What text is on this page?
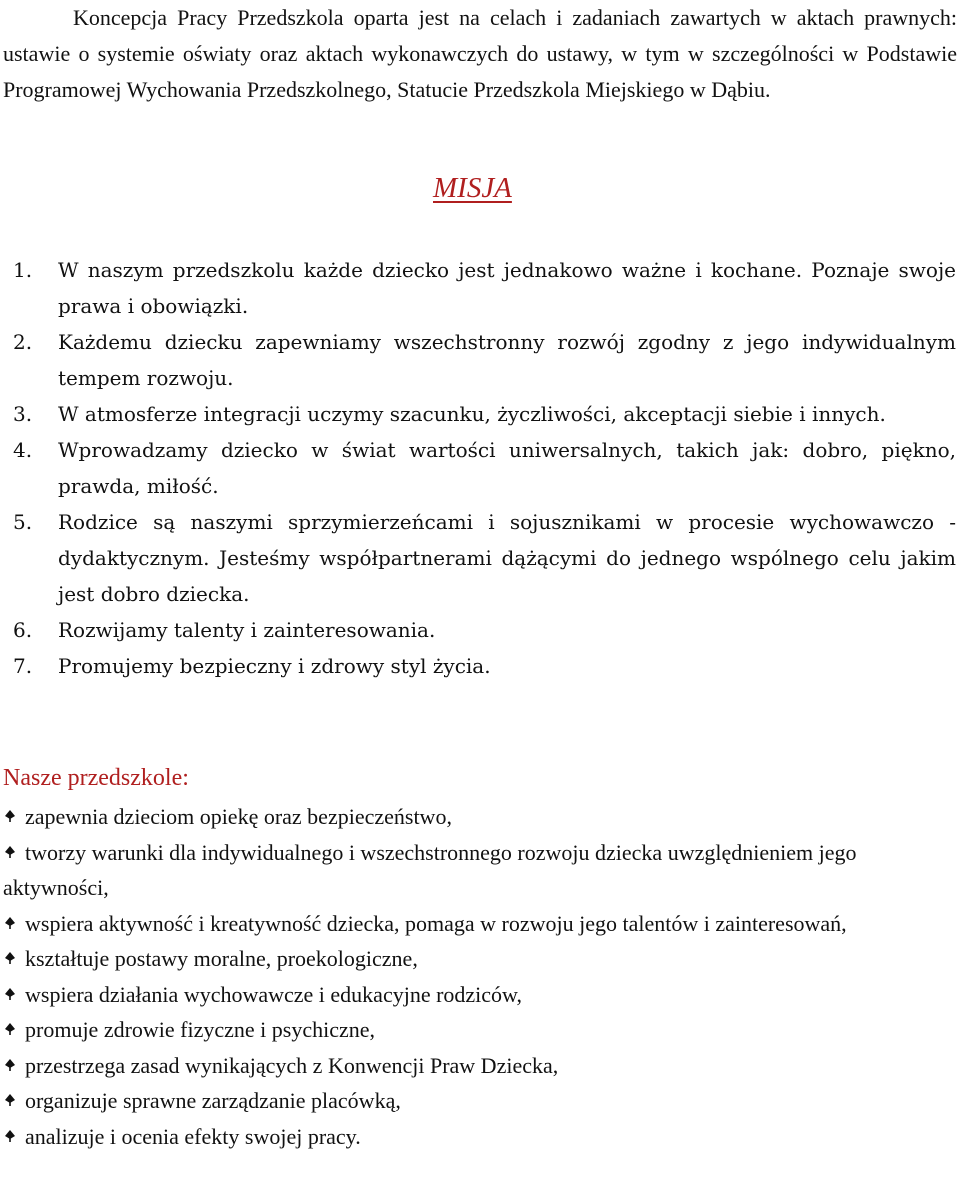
Koncepcja Pracy Przedszkola oparta jest na celach i zadaniach zawartych w aktach prawnych: ustawie o systemie oświaty oraz aktach wykonawczych do ustawy, w tym w szczególności w Podstawie Programowej Wychowania Przedszkolnego, Statucie Przedszkola Miejskiego w Dąbiu.

MISJA
1. W naszym przedszkolu każde dziecko jest jednakowo ważne i kochane. Poznaje swoje prawa i obowiązki.
2. Każdemu dziecku zapewniamy wszechstronny rozwój zgodny z jego indywidualnym tempem rozwoju.
3. W atmosferze integracji uczymy szacunku, życzliwości, akceptacji siebie i innych.
4. Wprowadzamy dziecko w świat wartości uniwersalnych, takich jak: dobro, piękno, prawda, miłość.
5. Rodzice są naszymi sprzymierzeńcami i sojusznikami w procesie wychowawczo - dydaktycznym. Jesteśmy współpartnerami dążącymi do jednego wspólnego celu jakim jest dobro dziecka.
6. Rozwijamy talenty i zainteresowania.
7. Promujemy bezpieczny i zdrowy styl życia.
Nasze przedszkole:
zapewnia dzieciom opiekę oraz bezpieczeństwo,
tworzy warunki dla indywidualnego i wszechstronnego rozwoju dziecka uwzględnieniem jego aktywności,
wspiera aktywność i kreatywność dziecka, pomaga w rozwoju jego talentów i zainteresowań,
kształtuje postawy moralne, proekologiczne,
wspiera działania wychowawcze i edukacyjne rodziców,
promuje zdrowie fizyczne i psychiczne,
przestrzega zasad wynikających z Konwencji Praw Dziecka,
organizuje sprawne zarządzanie placówką,
analizuje i ocenia efekty swojej pracy.
